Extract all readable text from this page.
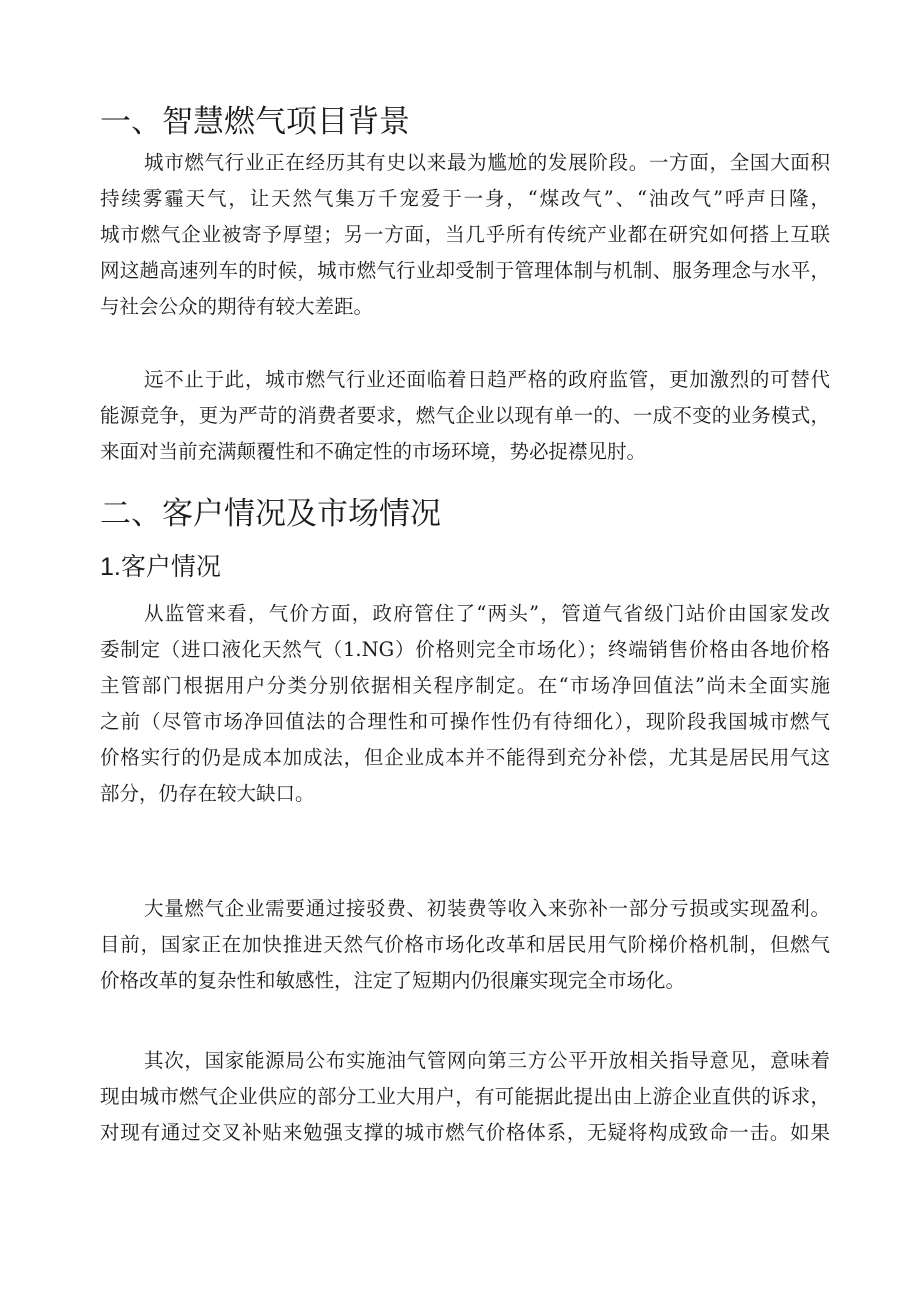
一、智慧燃气项目背景
城市燃气行业正在经历其有史以来最为尴尬的发展阶段。一方面，全国大面积
持续雾霾天气，让天然气集万千宠爱于一身，“煤改气”、“油改气”呼声日隆，
城市燃气企业被寄予厚望；另一方面，当几乎所有传统产业都在研究如何搭上互联
网这趟高速列车的时候，城市燃气行业却受制于管理体制与机制、服务理念与水平，
与社会公众的期待有较大差距。
远不止于此，城市燃气行业还面临着日趋严格的政府监管，更加激烈的可替代
能源竞争，更为严苛的消费者要求，燃气企业以现有单一的、一成不变的业务模式，
来面对当前充满颠覆性和不确定性的市场环境，势必捉襟见肘。
二、客户情况及市场情况
1.客户情况
从监管来看，气价方面，政府管住了“两头”，管道气省级门站价由国家发改
委制定（进口液化天然气（1.NG）价格则完全市场化）；终端销售价格由各地价格
主管部门根据用户分类分别依据相关程序制定。在“市场净回值法”尚未全面实施
之前（尽管市场净回值法的合理性和可操作性仍有待细化），现阶段我国城市燃气
价格实行的仍是成本加成法，但企业成本并不能得到充分补偿，尤其是居民用气这
部分，仍存在较大缺口。
大量燃气企业需要通过接驳费、初装费等收入来弥补一部分亏损或实现盈利。
目前，国家正在加快推进天然气价格市场化改革和居民用气阶梯价格机制，但燃气
价格改革的复杂性和敏感性，注定了短期内仍很廉实现完全市场化。
其次，国家能源局公布实施油气管网向第三方公平开放相关指导意见，意味着
现由城市燃气企业供应的部分工业大用户，有可能据此提出由上游企业直供的诉求，
对现有通过交叉补贴来勉强支撑的城市燃气价格体系，无疑将构成致命一击。如果
